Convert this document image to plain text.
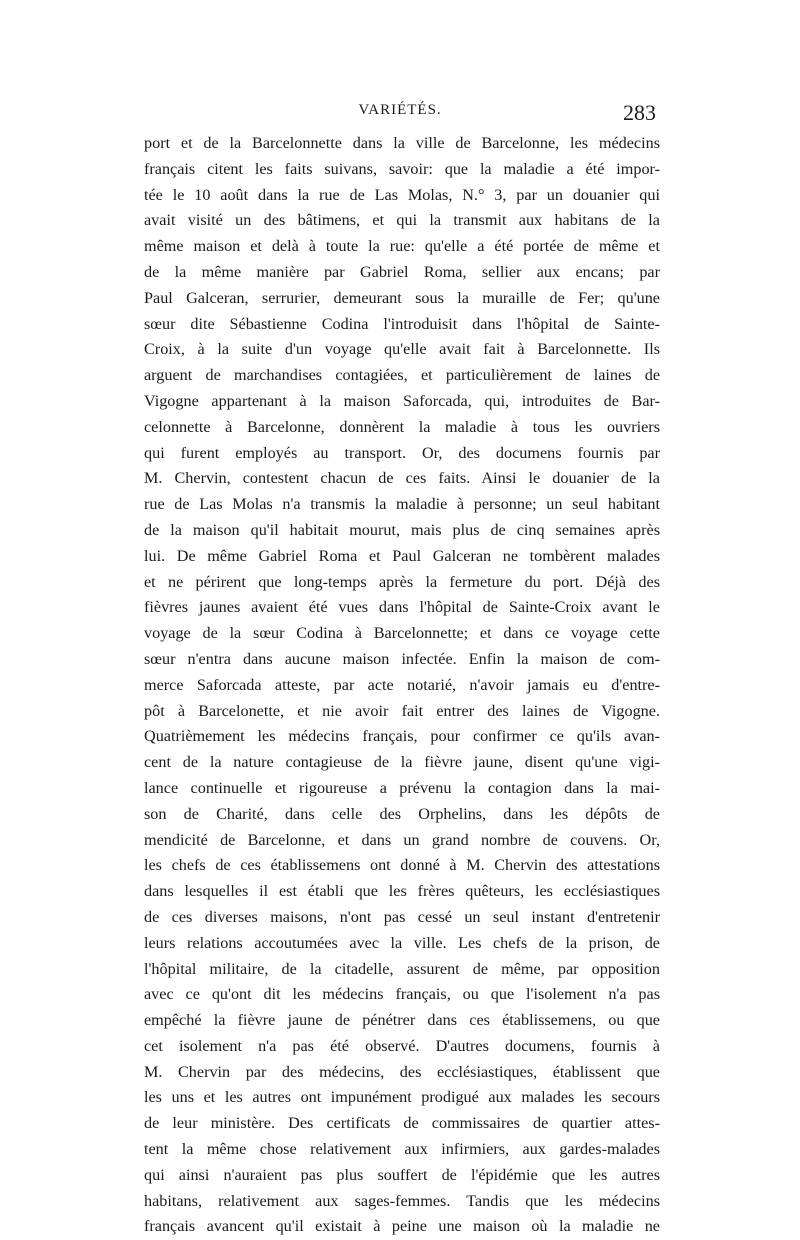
VARIÉTÉS.	283
port et de la Barcelonnette dans la ville de Barcelonne, les médecins
français citent les faits suivans, savoir: que la maladie a été impor-
tée le 10 août dans la rue de Las Molas, N.° 3, par un douanier qui
avait visité un des bâtimens, et qui la transmit aux habitans de la
même maison et delà à toute la rue: qu'elle a été portée de même et
de la même manière par Gabriel Roma, sellier aux encans; par
Paul Galceran, serrurier, demeurant sous la muraille de Fer; qu'une
sœur dite Sébastienne Codina l'introduisit dans l'hôpital de Sainte-
Croix, à la suite d'un voyage qu'elle avait fait à Barcelonnette. Ils
arguent de marchandises contagiées, et particulièrement de laines de
Vigogne appartenant à la maison Saforcada, qui, introduites de Bar-
celonnette à Barcelonne, donnèrent la maladie à tous les ouvriers
qui furent employés au transport. Or, des documens fournis par
M. Chervin, contestent chacun de ces faits. Ainsi le douanier de la
rue de Las Molas n'a transmis la maladie à personne; un seul habitant
de la maison qu'il habitait mourut, mais plus de cinq semaines après
lui. De même Gabriel Roma et Paul Galceran ne tombèrent malades
et ne périrent que long-temps après la fermeture du port. Déjà des
fièvres jaunes avaient été vues dans l'hôpital de Sainte-Croix avant le
voyage de la sœur Codina à Barcelonnette; et dans ce voyage cette
sœur n'entra dans aucune maison infectée. Enfin la maison de com-
merce Saforcada atteste, par acte notarié, n'avoir jamais eu d'entre-
pôt à Barcelonette, et nie avoir fait entrer des laines de Vigogne.
Quatrièmement les médecins français, pour confirmer ce qu'ils avan-
cent de la nature contagieuse de la fièvre jaune, disent qu'une vigi-
lance continuelle et rigoureuse a prévenu la contagion dans la mai-
son de Charité, dans celle des Orphelins, dans les dépôts de
mendicité de Barcelonne, et dans un grand nombre de couvens. Or,
les chefs de ces établissemens ont donné à M. Chervin des attestations
dans lesquelles il est établi que les frères quêteurs, les ecclésiastiques
de ces diverses maisons, n'ont pas cessé un seul instant d'entretenir
leurs relations accoutumées avec la ville. Les chefs de la prison, de
l'hôpital militaire, de la citadelle, assurent de même, par opposition
avec ce qu'ont dit les médecins français, ou que l'isolement n'a pas
empêché la fièvre jaune de pénétrer dans ces établissemens, ou que
cet isolement n'a pas été observé. D'autres documens, fournis à
M. Chervin par des médecins, des ecclésiastiques, établissent que
les uns et les autres ont impunément prodigué aux malades les secours
de leur ministère. Des certificats de commissaires de quartier attes-
tent la même chose relativement aux infirmiers, aux gardes-malades
qui ainsi n'auraient pas plus souffert de l'épidémie que les autres
habitans, relativement aux sages-femmes. Tandis que les médecins
français avancent qu'il existait à peine une maison où la maladie ne
